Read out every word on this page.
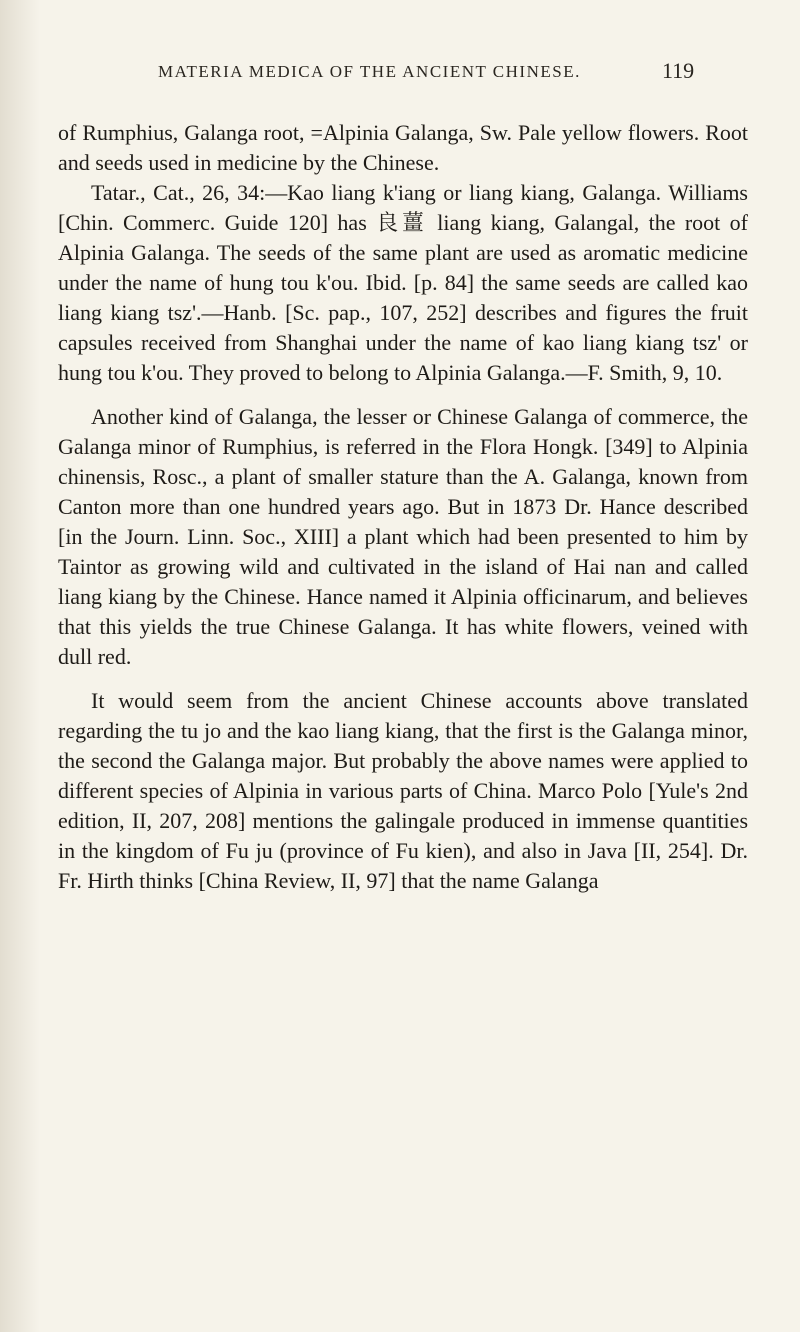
MATERIA MEDICA OF THE ANCIENT CHINESE.	119

of Rumphius, Galanga root, =Alpinia Galanga, Sw. Pale yellow flowers. Root and seeds used in medicine by the Chinese.

Tatar., Cat., 26, 34:—Kao liang k'iang or liang kiang, Galanga. Williams [Chin. Commerc. Guide 120] has 良薑 liang kiang, Galangal, the root of Alpinia Galanga. The seeds of the same plant are used as aromatic medicine under the name of hung tou k'ou. Ibid. [p. 84] the same seeds are called kao liang kiang tsz'.—Hanb. [Sc. pap., 107, 252] describes and figures the fruit capsules received from Shanghai under the name of kao liang kiang tsz' or hung tou k'ou. They proved to belong to Alpinia Galanga.—F. Smith, 9, 10.

Another kind of Galanga, the lesser or Chinese Galanga of commerce, the Galanga minor of Rumphius, is referred in the Flora Hongk. [349] to Alpinia chinensis, Rosc., a plant of smaller stature than the A. Galanga, known from Canton more than one hundred years ago. But in 1873 Dr. Hance described [in the Journ. Linn. Soc., XIII] a plant which had been presented to him by Taintor as growing wild and cultivated in the island of Hai nan and called liang kiang by the Chinese. Hance named it Alpinia officinarum, and believes that this yields the true Chinese Galanga. It has white flowers, veined with dull red.

It would seem from the ancient Chinese accounts above translated regarding the tu jo and the kao liang kiang, that the first is the Galanga minor, the second the Galanga major. But probably the above names were applied to different species of Alpinia in various parts of China. Marco Polo [Yule's 2nd edition, II, 207, 208] mentions the galingale produced in immense quantities in the kingdom of Fu ju (province of Fu kien), and also in Java [II, 254]. Dr. Fr. Hirth thinks [China Review, II, 97] that the name Galanga
